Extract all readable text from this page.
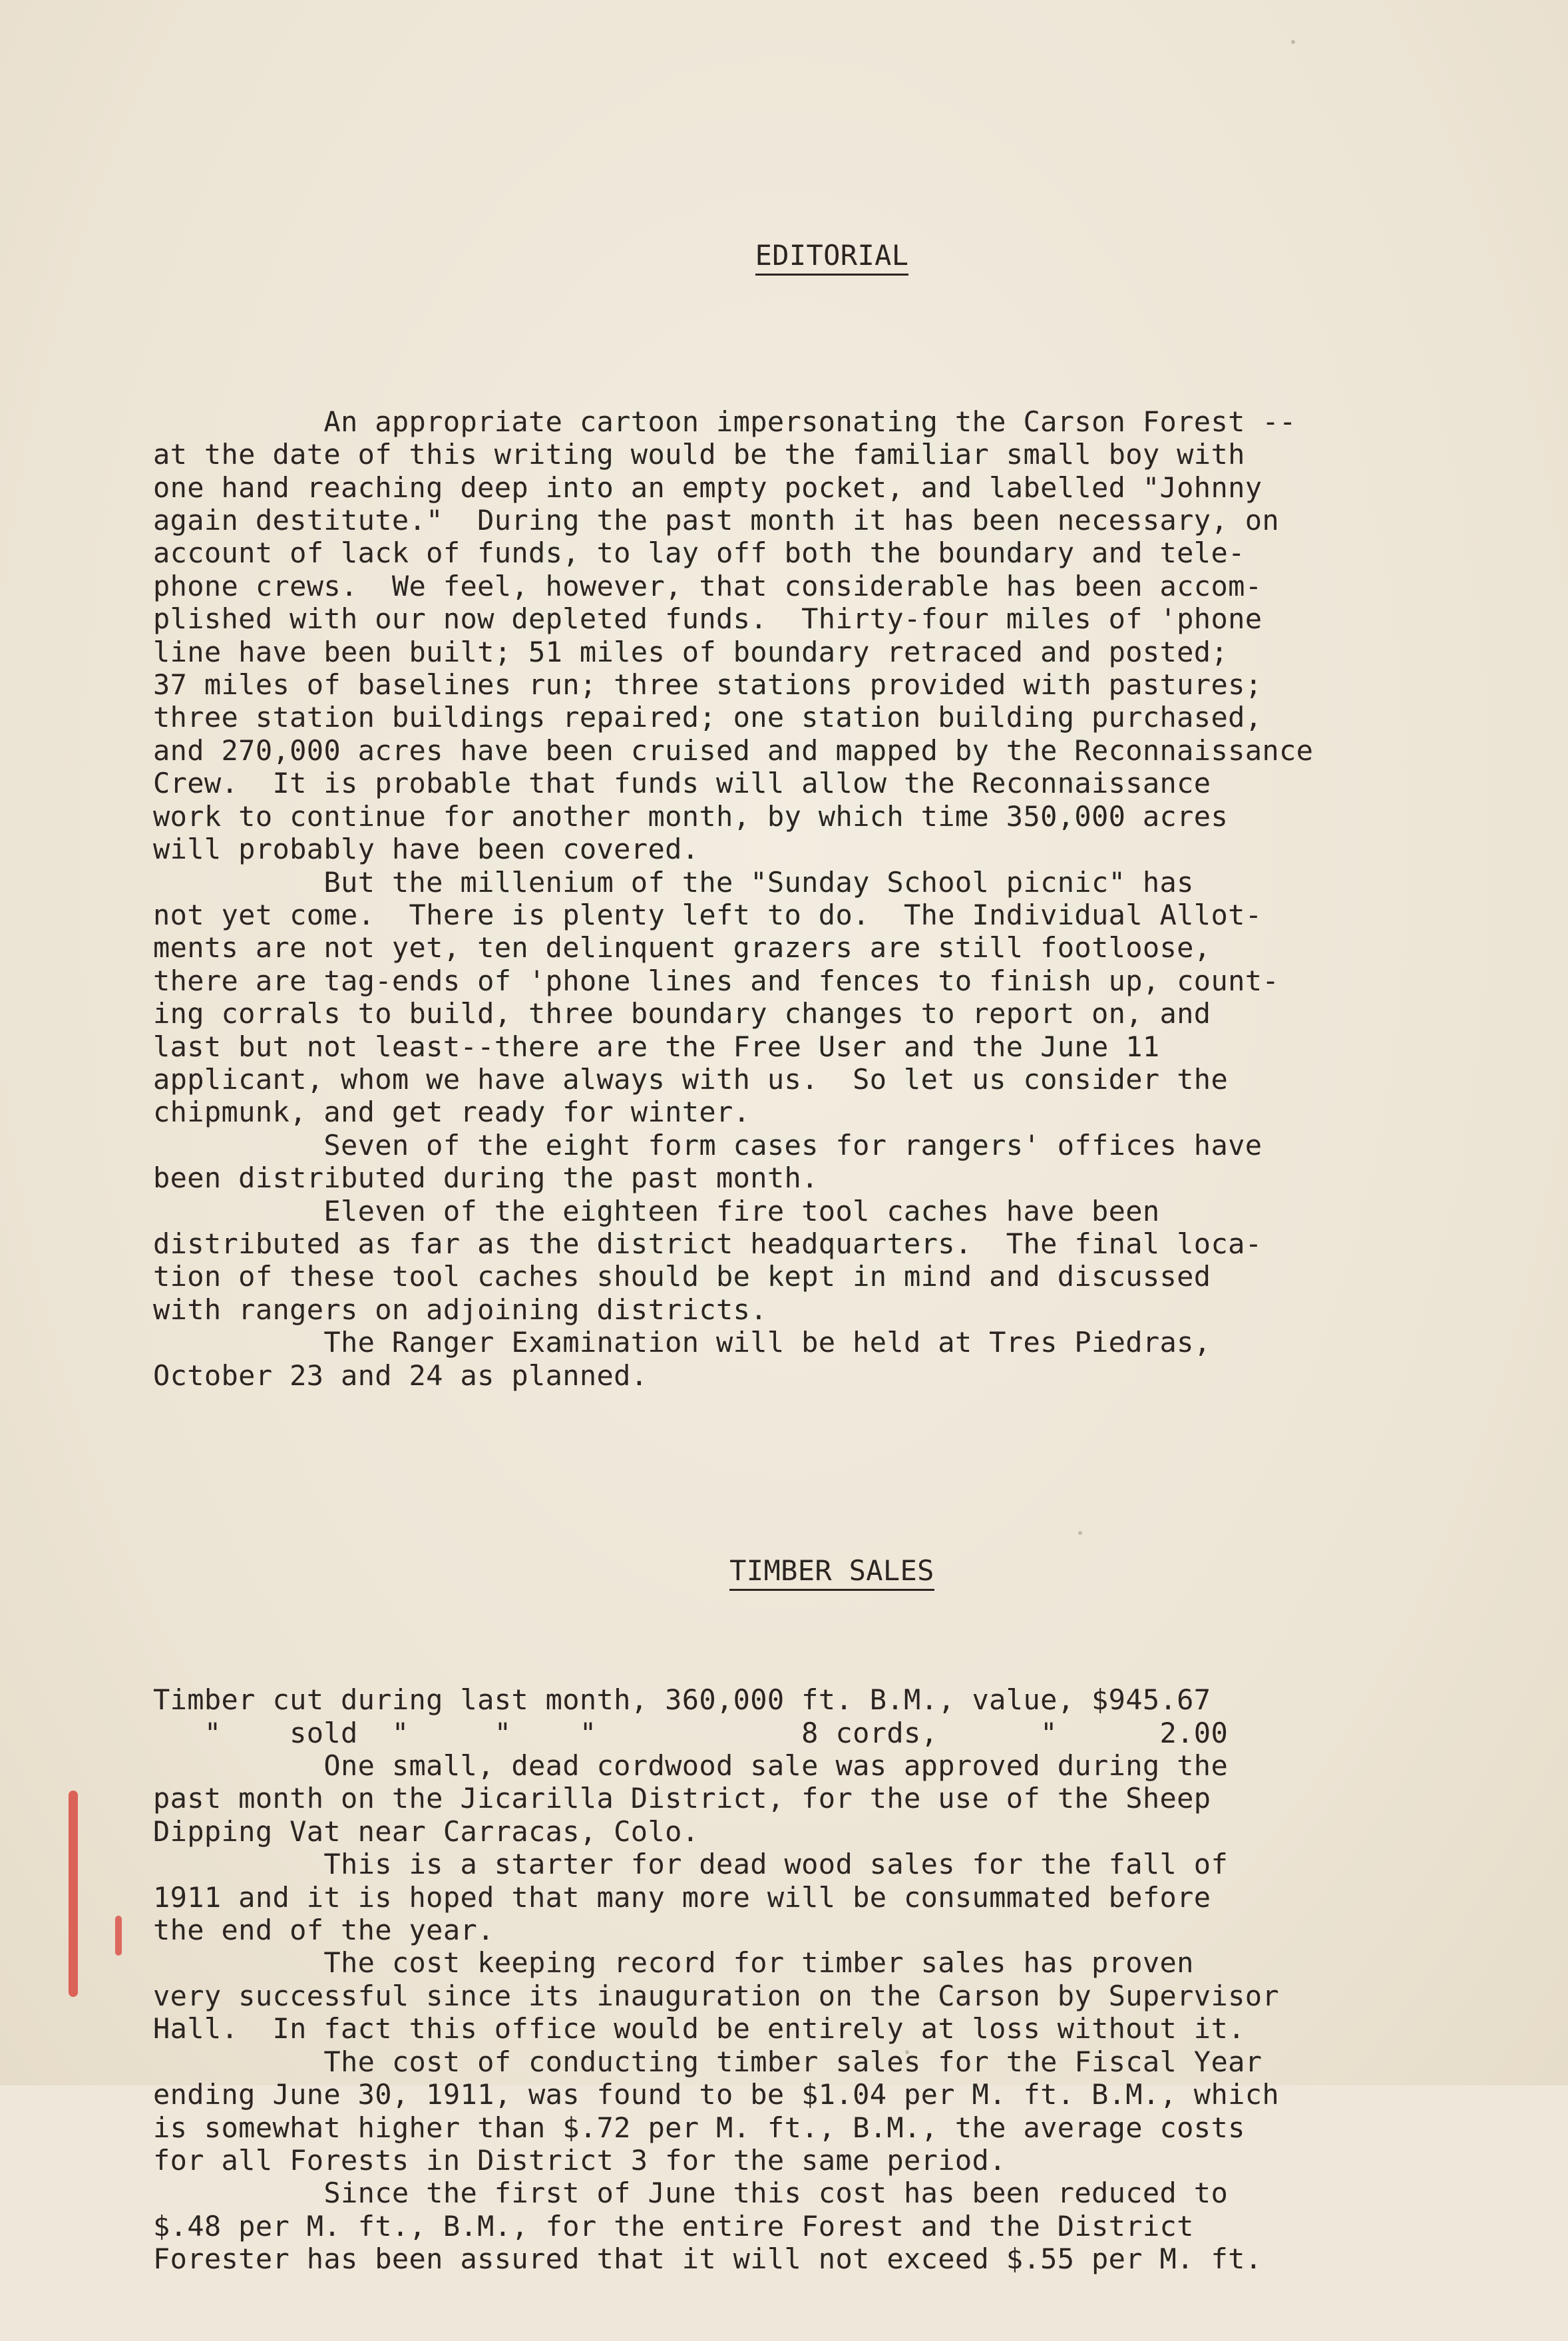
EDITORIAL

An appropriate cartoon impersonating the Carson Forest --
at the date of this writing would be the familiar small boy with
one hand reaching deep into an empty pocket, and labelled "Johnny
again destitute."  During the past month it has been necessary, on
account of lack of funds, to lay off both the boundary and tele-
phone crews.  We feel, however, that considerable has been accom-
plished with our now depleted funds.  Thirty-four miles of 'phone
line have been built; 51 miles of boundary retraced and posted;
37 miles of baselines run; three stations provided with pastures;
three station buildings repaired; one station building purchased,
and 270,000 acres have been cruised and mapped by the Reconnaissance
Crew.  It is probable that funds will allow the Reconnaissance
work to continue for another month, by which time 350,000 acres
will probably have been covered.
But the millenium of the "Sunday School picnic" has
not yet come.  There is plenty left to do.  The Individual Allot-
ments are not yet, ten delinquent grazers are still footloose,
there are tag-ends of 'phone lines and fences to finish up, count-
ing corrals to build, three boundary changes to report on, and
last but not least--there are the Free User and the June 11
applicant, whom we have always with us.  So let us consider the
chipmunk, and get ready for winter.
Seven of the eight form cases for rangers' offices have
been distributed during the past month.
Eleven of the eighteen fire tool caches have been
distributed as far as the district headquarters.  The final loca-
tion of these tool caches should be kept in mind and discussed
with rangers on adjoining districts.
The Ranger Examination will be held at Tres Piedras,
October 23 and 24 as planned.

TIMBER SALES

Timber cut during last month, 360,000 ft. B.M., value, $945.67
"    sold  "     "    "            8 cords,      "      2.00
One small, dead cordwood sale was approved during the
past month on the Jicarilla District, for the use of the Sheep
Dipping Vat near Carracas, Colo.
This is a starter for dead wood sales for the fall of
1911 and it is hoped that many more will be consummated before
the end of the year.
The cost keeping record for timber sales has proven
very successful since its inauguration on the Carson by Supervisor
Hall.  In fact this office would be entirely at loss without it.
The cost of conducting timber sales for the Fiscal Year
ending June 30, 1911, was found to be $1.04 per M. ft. B.M., which
is somewhat higher than $.72 per M. ft., B.M., the average costs
for all Forests in District 3 for the same period.
Since the first of June this cost has been reduced to
$.48 per M. ft., B.M., for the entire Forest and the District
Forester has been assured that it will not exceed $.55 per M. ft.
